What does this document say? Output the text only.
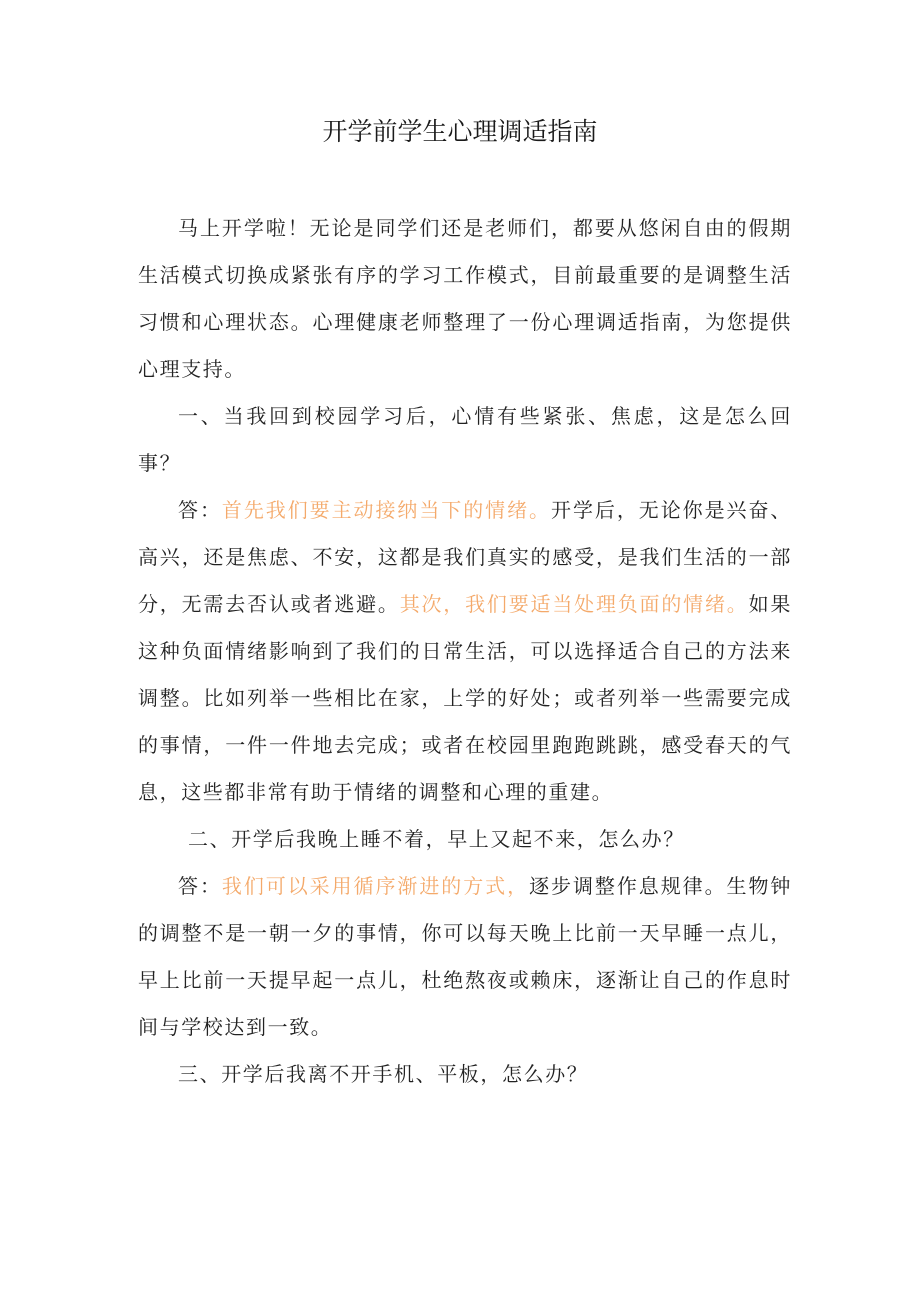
开学前学生心理调适指南

马上开学啦！无论是同学们还是老师们，都要从悠闲自由的假期生活模式切换成紧张有序的学习工作模式，目前最重要的是调整生活习惯和心理状态。心理健康老师整理了一份心理调适指南，为您提供心理支持。

一、当我回到校园学习后，心情有些紧张、焦虑，这是怎么回事？

答：首先我们要主动接纳当下的情绪。开学后，无论你是兴奋、高兴，还是焦虑、不安，这都是我们真实的感受，是我们生活的一部分，无需去否认或者逃避。其次，我们要适当处理负面的情绪。如果这种负面情绪影响到了我们的日常生活，可以选择适合自己的方法来调整。比如列举一些相比在家，上学的好处；或者列举一些需要完成的事情，一件一件地去完成；或者在校园里跑跑跳跳，感受春天的气息，这些都非常有助于情绪的调整和心理的重建。

二、开学后我晚上睡不着，早上又起不来，怎么办？

答：我们可以采用循序渐进的方式，逐步调整作息规律。生物钟的调整不是一朝一夕的事情，你可以每天晚上比前一天早睡一点儿，早上比前一天提早起一点儿，杜绝熬夜或赖床，逐渐让自己的作息时间与学校达到一致。

三、开学后我离不开手机、平板，怎么办？
